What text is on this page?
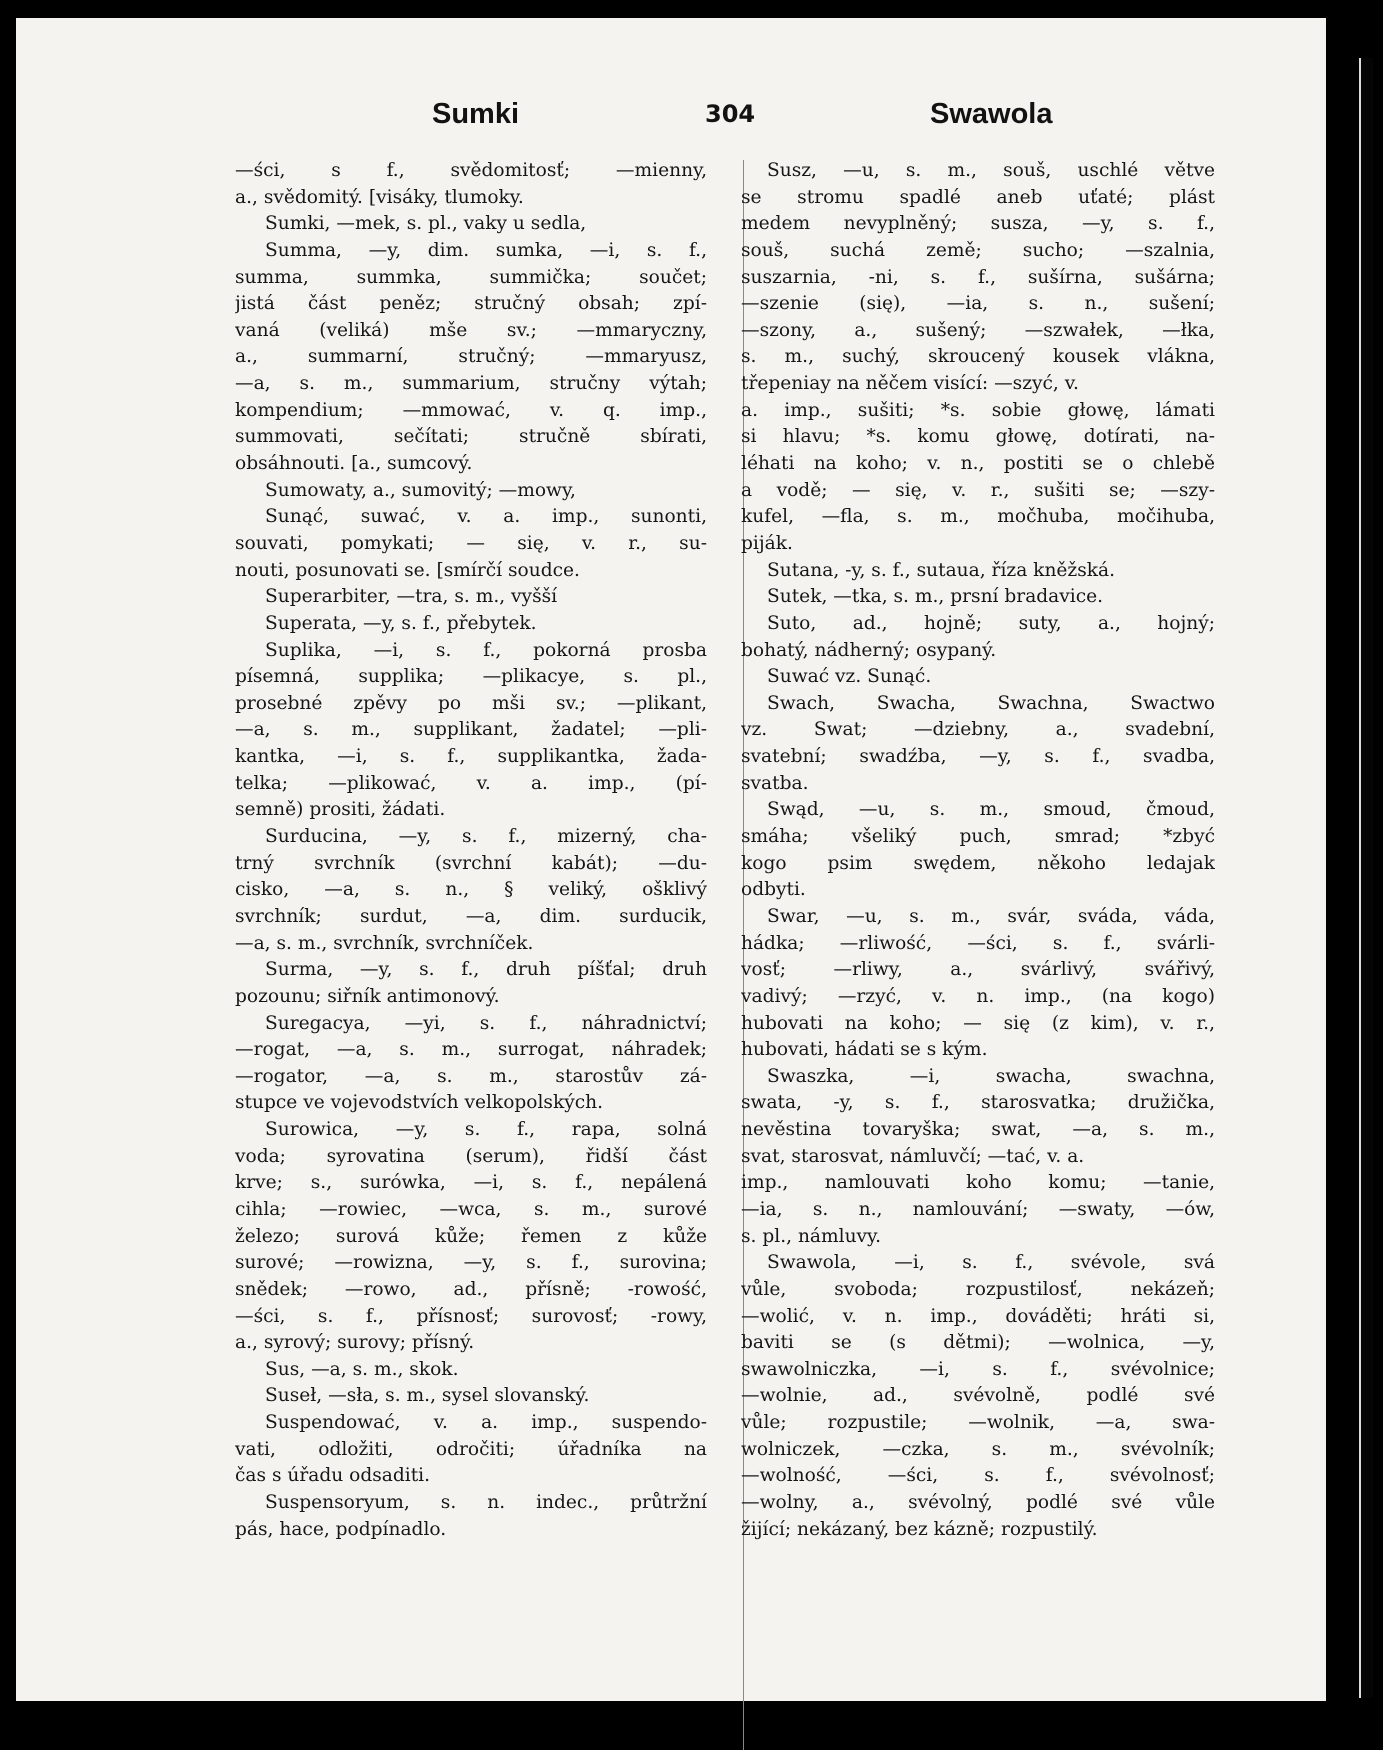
Sumki	304	Swawola
—ści, s f., svědomitosť; —mienny,
a., svědomitý. [visáky, tlumoky.
Sumki, —mek, s. pl., vaky u sedla,
Summa, —y, dim. sumka, —i, s. f.,
summa, summka, summička; součet;
jistá část peněz; stručný obsah; zpí-
vaná (veliká) mše sv.; —mmaryczny,
a., summarní, stručný; —mmaryusz,
—a, s. m., summarium, stručny výtah;
kompendium; —mmować, v. q. imp.,
summovati, sečítati; stručně sbírati,
obsáhnouti. [a., sumcový.
Sumowaty, a., sumovitý; —mowy,
Sunąć, suwać, v. a. imp., sunonti,
souvati, pomykati; — się, v. r., su-
nouti, posunovati se. [smírčí soudce.
Superarbiter, —tra, s. m., vyšší
Superata, —y, s. f., přebytek.
Suplika, —i, s. f., pokorná prosba
písemná, supplika; —plikacye, s. pl.,
prosebné zpěvy po mši sv.; —plikant,
—a, s. m., supplikant, žadatel; —pli-
kantka, —i, s. f., supplikantka, žada-
telka; —plikować, v. a. imp., (pí-
semně) prositi, žádati.
Surducina, —y, s. f., mizerný, cha-
trný svrchník (svrchní kabát); —du-
cisko, —a, s. n., § veliký, ošklivý
svrchník; surdut, —a, dim. surducik,
—a, s. m., svrchník, svrchníček.
Surma, —y, s. f., druh píšťal; druh
pozounu; siřník antimonový.
Suregacya, —yi, s. f., náhradnictví;
—rogat, —a, s. m., surrogat, náhradek;
—rogator, —a, s. m., starostův zá-
stupce ve vojevodstvích velkopolských.
Surowica, —y, s. f., rapa, solná
voda; syrovatina (serum), řidší část
krve; s., surówka, —i, s. f., nepálená
cihla; —rowiec, —wca, s. m., surové
železo; surová kůže; řemen z kůže
surové; —rowizna, —y, s. f., surovina;
snědek; —rowo, ad., přísně; -rowość,
—ści, s. f., přísnosť; surovosť; -rowy,
a., syrový; surovy; přísný.
Sus, —a, s. m., skok.
Suseł, —sła, s. m., sysel slovanský.
Suspendować, v. a. imp., suspendo-
vati, odložiti, odročiti; úřadníka na
čas s úřadu odsaditi.
Suspensoryum, s. n. indec., průtržní
pás, hace, podpínadlo.
Susz, —u, s. m., souš, uschlé větve
se stromu spadlé aneb uťaté; plást
medem nevyplněný; susza, —y, s. f.,
souš, suchá země; sucho; —szalnia,
suszarnia, -ni, s. f., sušírna, sušárna;
—szenie (się), —ia, s. n., sušení;
—szony, a., sušený; —szwałek, —łka,
s. m., suchý, skroucený kousek vlákna,
třepeniay na něčem visící: —szyć, v.
a. imp., sušiti; *s. sobie głowę, lámati
si hlavu; *s. komu głowę, dotírati, na-
léhati na koho; v. n., postiti se o chlebě
a vodě; — się, v. r., sušiti se; —szy-
kufel, —fla, s. m., močhuba, močihuba,
piják.
Sutana, -y, s. f., sutaua, říza kněžská.
Sutek, —tka, s. m., prsní bradavice.
Suto, ad., hojně; suty, a., hojný;
bohatý, nádherný; osypaný.
Suwać vz. Sunąć.
Swach, Swacha, Swachna, Swactwo
vz. Swat; —dziebny, a., svadební,
svatební; swadźba, —y, s. f., svadba,
svatba.
Swąd, —u, s. m., smoud, čmoud,
smáha; všeliký puch, smrad; *zbyć
kogo psim swędem, někoho ledajak
odbyti.
Swar, —u, s. m., svár, sváda, váda,
hádka; —rliwość, —ści, s. f., svárli-
vosť; —rliwy, a., svárlivý, svářivý,
vadivý; —rzyć, v. n. imp., (na kogo)
hubovati na koho; — się (z kim), v. r.,
hubovati, hádati se s kým.
Swaszka, —i, swacha, swachna,
swata, -y, s. f., starosvatka; družička,
nevěstina tovaryška; swat, —a, s. m.,
svat, starosvat, námluvčí; —tać, v. a.
imp., namlouvati koho komu; —tanie,
—ia, s. n., namlouvání; —swaty, —ów,
s. pl., námluvy.
Swawola, —i, s. f., svévole, svá
vůle, svoboda; rozpustilosť, nekázeň;
—wolić, v. n. imp., dováděti; hráti si,
baviti se (s dětmi); —wolnica, —y,
swawolniczka, —i, s. f., svévolnice;
—wolnie, ad., svévolně, podlé své
vůle; rozpustile; —wolnik, —a, swa-
wolniczek, —czka, s. m., svévolník;
—wolność, —ści, s. f., svévolnosť;
—wolny, a., svévolný, podlé své vůle
žijící; nekázaný, bez kázně; rozpustilý.
